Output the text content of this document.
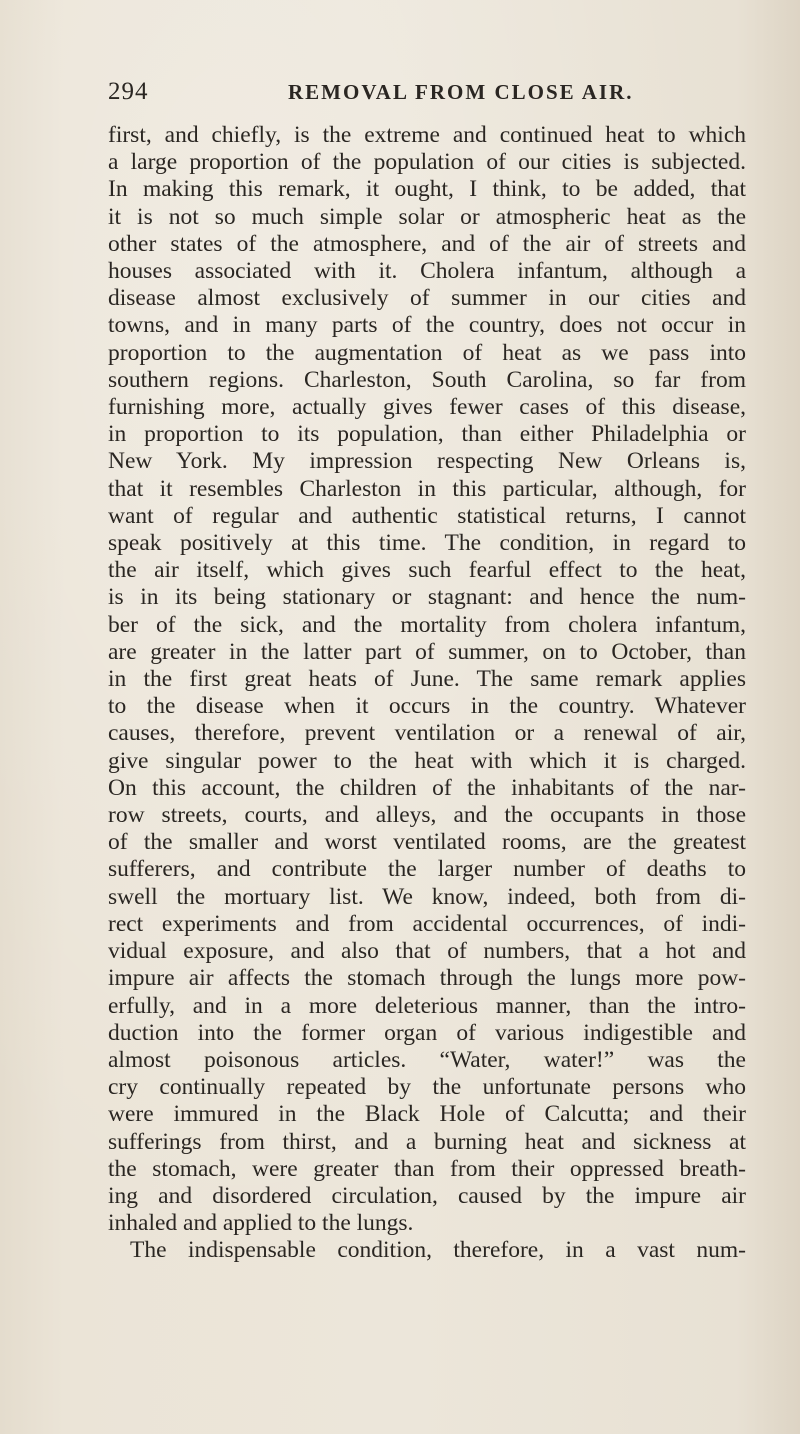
294	REMOVAL FROM CLOSE AIR.
first, and chiefly, is the extreme and continued heat to which
a large proportion of the population of our cities is subjected.
In making this remark, it ought, I think, to be added, that
it is not so much simple solar or atmospheric heat as the
other states of the atmosphere, and of the air of streets and
houses associated with it. Cholera infantum, although a
disease almost exclusively of summer in our cities and
towns, and in many parts of the country, does not occur in
proportion to the augmentation of heat as we pass into
southern regions. Charleston, South Carolina, so far from
furnishing more, actually gives fewer cases of this disease,
in proportion to its population, than either Philadelphia or
New York. My impression respecting New Orleans is,
that it resembles Charleston in this particular, although, for
want of regular and authentic statistical returns, I cannot
speak positively at this time. The condition, in regard to
the air itself, which gives such fearful effect to the heat,
is in its being stationary or stagnant: and hence the num-
ber of the sick, and the mortality from cholera infantum,
are greater in the latter part of summer, on to October, than
in the first great heats of June. The same remark applies
to the disease when it occurs in the country. Whatever
causes, therefore, prevent ventilation or a renewal of air,
give singular power to the heat with which it is charged.
On this account, the children of the inhabitants of the nar-
row streets, courts, and alleys, and the occupants in those
of the smaller and worst ventilated rooms, are the greatest
sufferers, and contribute the larger number of deaths to
swell the mortuary list. We know, indeed, both from di-
rect experiments and from accidental occurrences, of indi-
vidual exposure, and also that of numbers, that a hot and
impure air affects the stomach through the lungs more pow-
erfully, and in a more deleterious manner, than the intro-
duction into the former organ of various indigestible and
almost poisonous articles. “Water, water!” was the
cry continually repeated by the unfortunate persons who
were immured in the Black Hole of Calcutta; and their
sufferings from thirst, and a burning heat and sickness at
the stomach, were greater than from their oppressed breath-
ing and disordered circulation, caused by the impure air
inhaled and applied to the lungs.
The indispensable condition, therefore, in a vast num-
